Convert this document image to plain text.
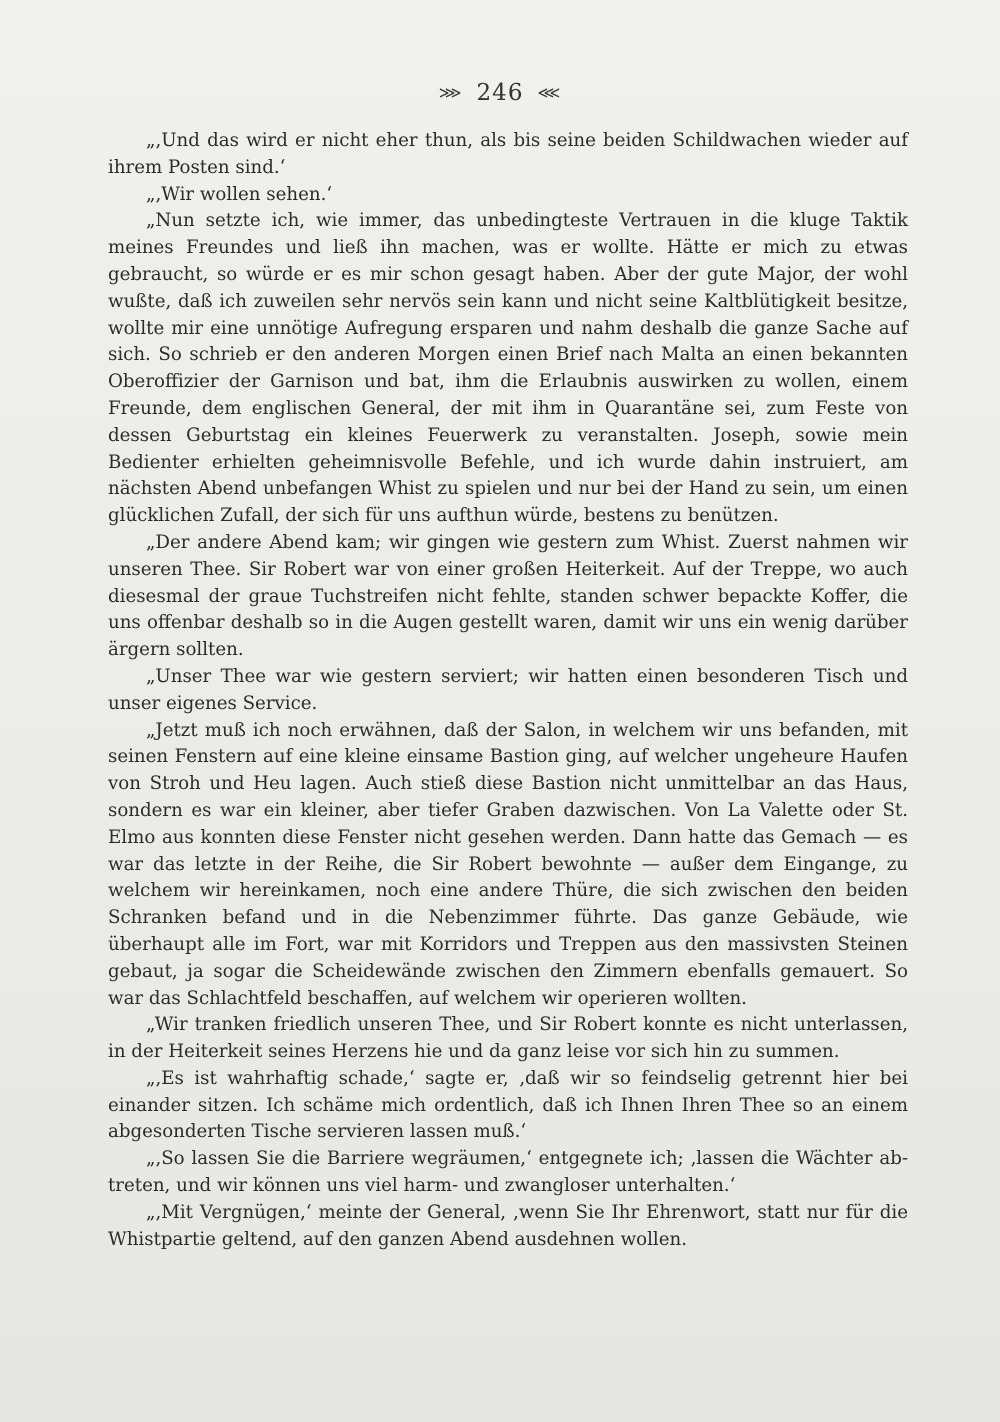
⋙ 246 ⋘

„‚Und das wird er nicht eher thun, als bis seine beiden Schildwachen wieder auf ihrem Posten sind.‘

„‚Wir wollen sehen.‘

„Nun setzte ich, wie immer, das unbedingteste Vertrauen in die kluge Taktik meines Freundes und ließ ihn machen, was er wollte. Hätte er mich zu etwas gebraucht, so würde er es mir schon gesagt haben. Aber der gute Major, der wohl wußte, daß ich zuweilen sehr nervös sein kann und nicht seine Kaltblütigkeit besitze, wollte mir eine unnötige Aufregung ersparen und nahm deshalb die ganze Sache auf sich. So schrieb er den anderen Morgen einen Brief nach Malta an einen bekannten Oberoffizier der Garnison und bat, ihm die Erlaubnis auswirken zu wollen, einem Freunde, dem englischen General, der mit ihm in Quarantäne sei, zum Feste von dessen Geburtstag ein kleines Feuerwerk zu veranstalten. Joseph, sowie mein Bedienter erhielten geheimnisvolle Befehle, und ich wurde dahin instruiert, am nächsten Abend unbefangen Whist zu spielen und nur bei der Hand zu sein, um einen glücklichen Zufall, der sich für uns aufthun würde, bestens zu benützen.

„Der andere Abend kam; wir gingen wie gestern zum Whist. Zuerst nahmen wir unseren Thee. Sir Robert war von einer großen Heiterkeit. Auf der Treppe, wo auch diesesmal der graue Tuchstreifen nicht fehlte, standen schwer bepackte Koffer, die uns offenbar deshalb so in die Augen gestellt waren, damit wir uns ein wenig darüber ärgern sollten.

„Unser Thee war wie gestern serviert; wir hatten einen besonderen Tisch und unser eigenes Service.

„Jetzt muß ich noch erwähnen, daß der Salon, in welchem wir uns befanden, mit seinen Fenstern auf eine kleine einsame Bastion ging, auf welcher ungeheure Haufen von Stroh und Heu lagen. Auch stieß diese Bastion nicht unmittelbar an das Haus, sondern es war ein kleiner, aber tiefer Graben dazwischen. Von La Valette oder St. Elmo aus konnten diese Fenster nicht gesehen werden. Dann hatte das Gemach — es war das letzte in der Reihe, die Sir Robert bewohnte — außer dem Eingange, zu welchem wir hereinkamen, noch eine andere Thüre, die sich zwischen den beiden Schranken befand und in die Nebenzimmer führte. Das ganze Gebäude, wie überhaupt alle im Fort, war mit Korridors und Treppen aus den massivsten Steinen gebaut, ja sogar die Scheidewände zwischen den Zimmern ebenfalls gemauert. So war das Schlachtfeld beschaffen, auf welchem wir operieren wollten.

„Wir tranken friedlich unseren Thee, und Sir Robert konnte es nicht unterlassen, in der Heiterkeit seines Herzens hie und da ganz leise vor sich hin zu summen.

„‚Es ist wahrhaftig schade,‘ sagte er, ‚daß wir so feindselig getrennt hier bei einander sitzen. Ich schäme mich ordentlich, daß ich Ihnen Ihren Thee so an einem abgesonderten Tische servieren lassen muß.‘

„‚So lassen Sie die Barriere wegräumen,‘ entgegnete ich; ‚lassen die Wächter abtreten, und wir können uns viel harm- und zwangloser unterhalten.‘

„‚Mit Vergnügen,‘ meinte der General, ‚wenn Sie Ihr Ehrenwort, statt nur für die Whistpartie geltend, auf den ganzen Abend ausdehnen wollen.
